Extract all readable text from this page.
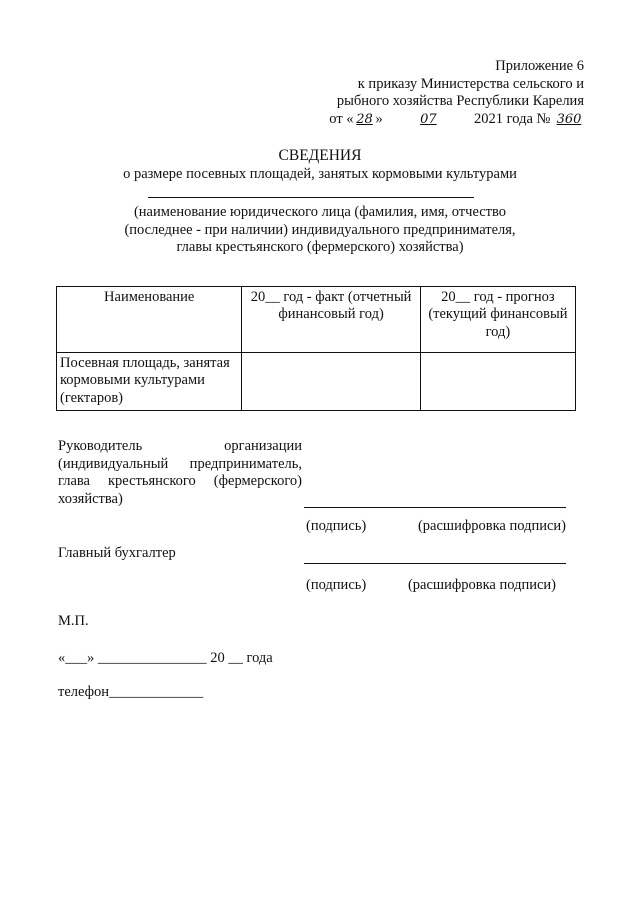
Приложение 6
к приказу Министерства сельского и
рыбного хозяйства Республики Карелия
от « 28 »	07	2021 года № 360
СВЕДЕНИЯ
о размере посевных площадей, занятых кормовыми культурами
(наименование юридического лица (фамилия, имя, отчество
(последнее - при наличии) индивидуального предпринимателя,
главы крестьянского (фермерского) хозяйства)
Наименование	20__ год - факт (отчетный финансовый год)	20__ год - прогноз (текущий финансовый год)
Посевная площадь, занятая кормовыми культурами (гектаров)		
Руководитель организации
(индивидуальный предприниматель,
глава крестьянского (фермерского)
хозяйства)
(подпись)	(расшифровка подписи)
Главный бухгалтер
(подпись)	(расшифровка подписи)
М.П.
«___» _______________ 20 __ года
телефон_____________
